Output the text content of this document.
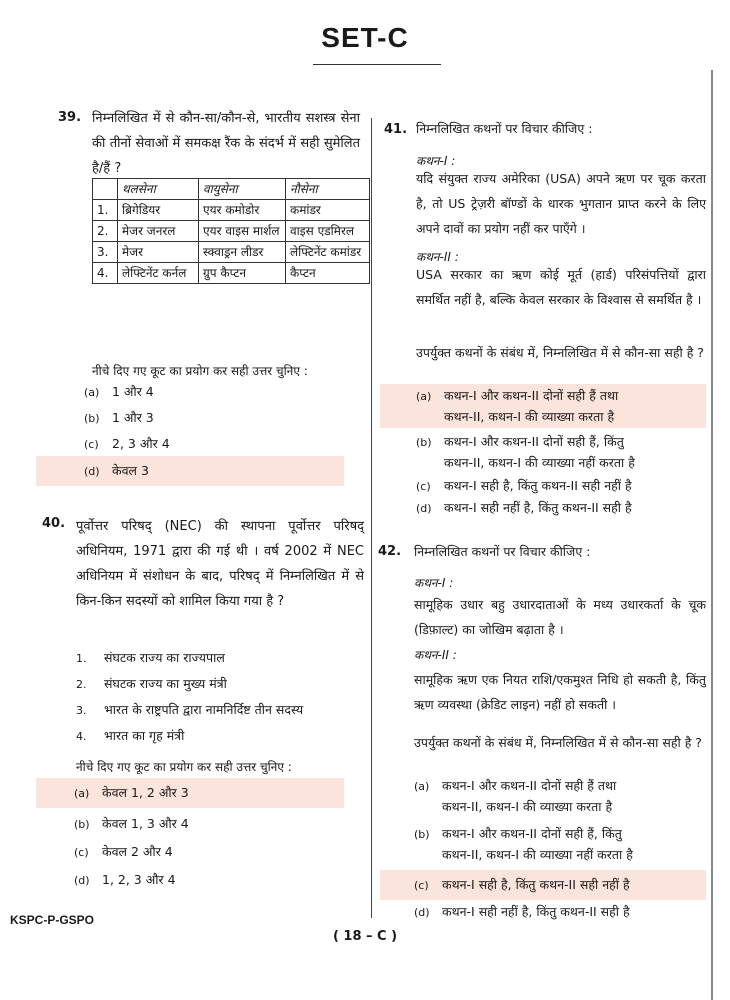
SET-C
39. निम्नलिखित में से कौन-सा/कौन-से, भारतीय सशस्त्र सेना की तीनों सेवाओं में समकक्ष रैंक के संदर्भ में सही सुमेलित है/हैं ?
	थलसेना	वायुसेना	नौसेना
1.	ब्रिगेडियर	एयर कमोडोर	कमांडर
2.	मेजर जनरल	एयर वाइस मार्शल	वाइस एडमिरल
3.	मेजर	स्क्वाड्रन लीडर	लेफ्टिनेंट कमांडर
4.	लेफ्टिनेंट कर्नल	ग्रुप कैप्टन	कैप्टन
नीचे दिए गए कूट का प्रयोग कर सही उत्तर चुनिए :
(a) 1 और 4
(b) 1 और 3
(c) 2, 3 और 4
(d) केवल 3
40. पूर्वोत्तर परिषद् (NEC) की स्थापना पूर्वोत्तर परिषद् अधिनियम, 1971 द्वारा की गई थी । वर्ष 2002 में NEC अधिनियम में संशोधन के बाद, परिषद् में निम्नलिखित में से किन-किन सदस्यों को शामिल किया गया है ?
1. संघटक राज्य का राज्यपाल
2. संघटक राज्य का मुख्य मंत्री
3. भारत के राष्ट्रपति द्वारा नामनिर्दिष्ट तीन सदस्य
4. भारत का गृह मंत्री
नीचे दिए गए कूट का प्रयोग कर सही उत्तर चुनिए :
(a) केवल 1, 2 और 3
(b) केवल 1, 3 और 4
(c) केवल 2 और 4
(d) 1, 2, 3 और 4
41. निम्नलिखित कथनों पर विचार कीजिए :
कथन-I :
यदि संयुक्त राज्य अमेरिका (USA) अपने ऋण पर चूक करता है, तो US ट्रेज़री बॉण्डों के धारक भुगतान प्राप्त करने के लिए अपने दावों का प्रयोग नहीं कर पाएँगे ।
कथन-II :
USA सरकार का ऋण कोई मूर्त (हार्ड) परिसंपत्तियों द्वारा समर्थित नहीं है, बल्कि केवल सरकार के विश्वास से समर्थित है ।
उपर्युक्त कथनों के संबंध में, निम्नलिखित में से कौन-सा सही है ?
(a) कथन-I और कथन-II दोनों सही हैं तथा
कथन-II, कथन-I की व्याख्या करता है
(b) कथन-I और कथन-II दोनों सही हैं, किंतु
कथन-II, कथन-I की व्याख्या नहीं करता है
(c) कथन-I सही है, किंतु कथन-II सही नहीं है
(d) कथन-I सही नहीं है, किंतु कथन-II सही है
42. निम्नलिखित कथनों पर विचार कीजिए :
कथन-I :
सामूहिक उधार बहु उधारदाताओं के मध्य उधारकर्ता के चूक (डिफ़ाल्ट) का जोखिम बढ़ाता है ।
कथन-II :
सामूहिक ऋण एक नियत राशि/एकमुश्त निधि हो सकती है, किंतु ऋण व्यवस्था (क्रेडिट लाइन) नहीं हो सकती ।
उपर्युक्त कथनों के संबंध में, निम्नलिखित में से कौन-सा सही है ?
(a) कथन-I और कथन-II दोनों सही हैं तथा
कथन-II, कथन-I की व्याख्या करता है
(b) कथन-I और कथन-II दोनों सही हैं, किंतु
कथन-II, कथन-I की व्याख्या नहीं करता है
(c) कथन-I सही है, किंतु कथन-II सही नहीं है
(d) कथन-I सही नहीं है, किंतु कथन-II सही है
KSPC-P-GSPO
( 18 – C )
